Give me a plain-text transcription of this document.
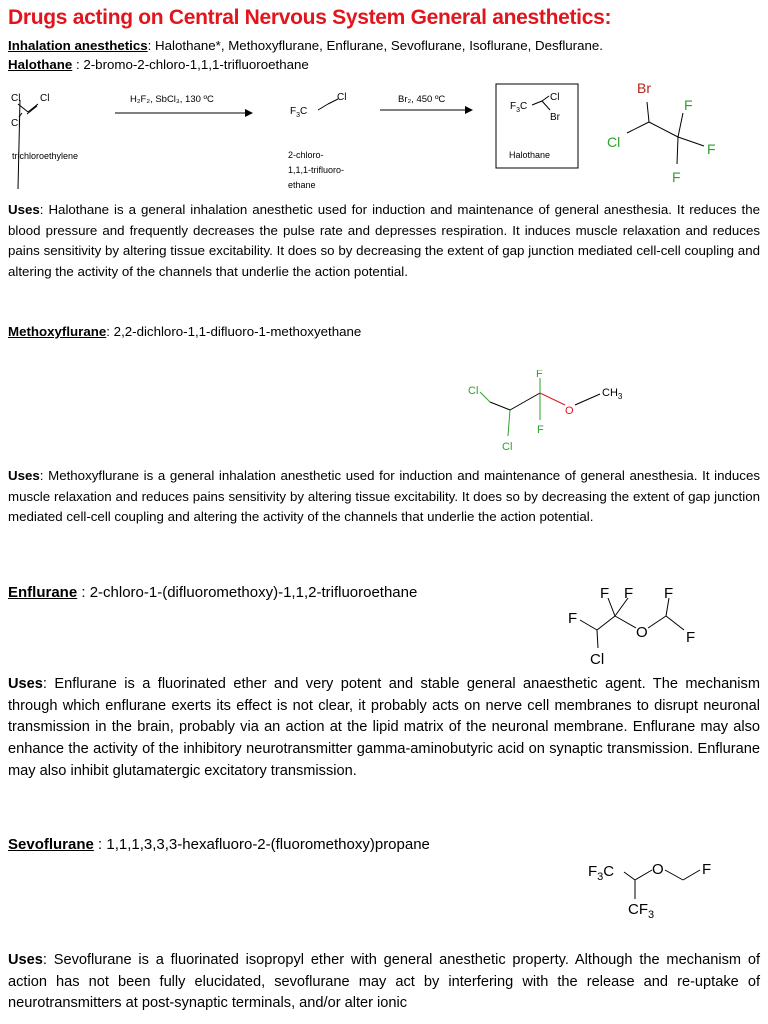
Drugs acting on Central Nervous System General anesthetics:
Inhalation anesthetics: Halothane*, Methoxyflurane, Enflurane, Sevoflurane, Isoflurane, Desflurane.
Halothane : 2-bromo-2-chloro-1,1,1-trifluoroethane
Cl Cl
Cl
trichloroethylene
H₂F₂, SbCl₃, 130 ºC	Br₂, 450 ºC
$F_3C$
Cl
2-chloro-
1,1,1-trifluoro-
ethane
$F_3C$
Cl
Br
Halothane
Br
Cl
F
F
F
Uses: Halothane is a general inhalation anesthetic used for induction and maintenance of general anesthesia. It reduces the blood pressure and frequently decreases the pulse rate and depresses respiration. It induces muscle relaxation and reduces pains sensitivity by altering tissue excitability. It does so by decreasing the extent of gap junction mediated cell-cell coupling and altering the activity of the channels that underlie the action potential.
Methoxyflurane: 2,2-dichloro-1,1-difluoro-1-methoxyethane
Cl
Cl
F
F
O
$CH_3$
Uses: Methoxyflurane is a general inhalation anesthetic used for induction and maintenance of general anesthesia. It induces muscle relaxation and reduces pains sensitivity by altering tissue excitability. It does so by decreasing the extent of gap junction mediated cell-cell coupling and altering the activity of the channels that underlie the action potential.
Enflurane : 2-chloro-1-(difluoromethoxy)-1,1,2-trifluoroethane
F
F F F
O	F
Cl
Uses: Enflurane is a fluorinated ether and very potent and stable general anaesthetic agent. The mechanism through which enflurane exerts its effect is not clear, it probably acts on nerve cell membranes to disrupt neuronal transmission in the brain, probably via an action at the lipid matrix of the neuronal membrane. Enflurane may also enhance the activity of the inhibitory neurotransmitter gamma-aminobutyric acid on synaptic transmission. Enflurane may also inhibit glutamatergic excitatory transmission.
Sevoflurane : 1,1,1,3,3,3-hexafluoro-2-(fluoromethoxy)propane
$F_3C$	O	F
$CF_3$
Uses: Sevoflurane is a fluorinated isopropyl ether with general anesthetic property. Although the mechanism of action has not been fully elucidated, sevoflurane may act by interfering with the release and re-uptake of neurotransmitters at post-synaptic terminals, and/or alter ionic
